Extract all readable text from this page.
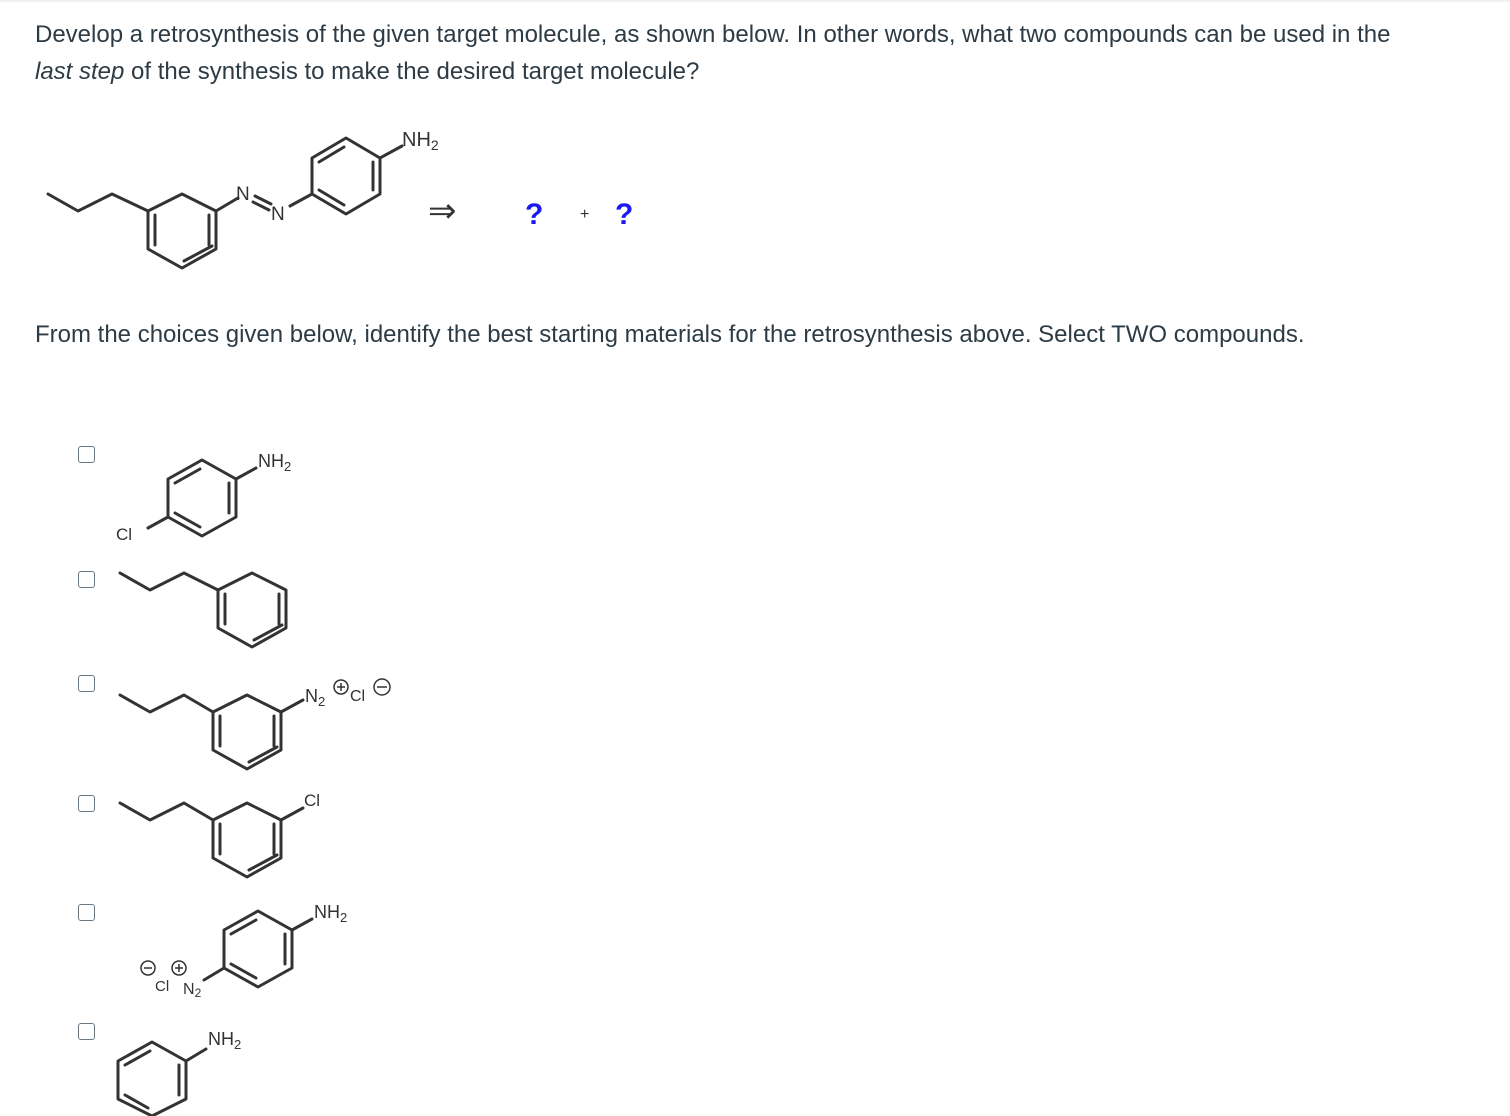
Develop a retrosynthesis of the given target molecule, as shown below. In other words, what two compounds can be used in the
last step of the synthesis to make the desired target molecule?
N
N
$NH_2$
⇒ ? + ?
From the choices given below, identify the best starting materials for the retrosynthesis above. Select TWO compounds.
$NH_2$
Cl
$N_2$ Cl
Cl
$NH_2$
Cl N2
$NH_2$
